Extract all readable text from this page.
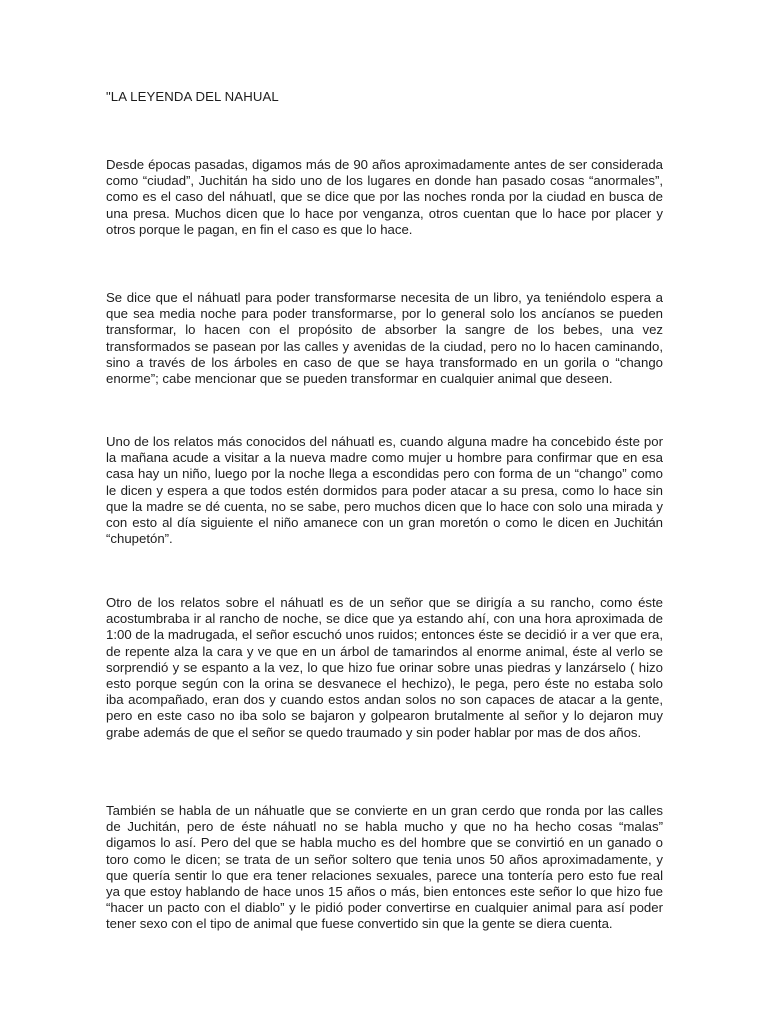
"LA LEYENDA DEL NAHUAL

Desde épocas pasadas, digamos más de 90 años aproximadamente antes de ser considerada como “ciudad”, Juchitán ha sido uno de los lugares en donde han pasado cosas “anormales”, como es el caso del náhuatl, que se dice que por las noches ronda por la ciudad en busca de una presa. Muchos dicen que lo hace por venganza, otros cuentan que lo hace por placer y otros porque le pagan, en fin el caso es que lo hace.

Se dice que el náhuatl para poder transformarse necesita de un libro, ya teniéndolo espera a que sea media noche para poder transformarse, por lo general solo los ancíanos se pueden transformar, lo hacen con el propósito de absorber la sangre de los bebes, una vez transformados se pasean por las calles y avenidas de la ciudad, pero no lo hacen caminando, sino a través de los árboles en caso de que se haya transformado en un gorila o “chango enorme”; cabe mencionar que se pueden transformar en cualquier animal que deseen.

Uno de los relatos más conocidos del náhuatl es, cuando alguna madre ha concebido éste por la mañana acude a visitar a la nueva madre como mujer u hombre para confirmar que en esa casa hay un niño, luego por la noche llega a escondidas pero con forma de un “chango” como le dicen y espera a que todos estén dormidos para poder atacar a su presa, como lo hace sin que la madre se dé cuenta, no se sabe, pero muchos dicen que lo hace con solo una mirada y con esto al día siguiente el niño amanece con un gran moretón o como le dicen en Juchitán “chupetón”.

Otro de los relatos sobre el náhuatl es de un señor que se dirigía a su rancho, como éste acostumbraba ir al rancho de noche, se dice que ya estando ahí, con una hora aproximada de 1:00 de la madrugada, el señor escuchó unos ruidos; entonces éste se decidió ir a ver que era, de repente alza la cara y ve que en un árbol de tamarindos al enorme animal, éste al verlo se sorprendió y se espanto a la vez, lo que hizo fue orinar sobre unas piedras y lanzárselo ( hizo esto porque según con la orina se desvanece el hechizo), le pega, pero éste no estaba solo iba acompañado, eran dos y cuando estos andan solos no son capaces de atacar a la gente, pero en este caso no iba solo se bajaron y golpearon brutalmente al señor y lo dejaron muy grabe además de que el señor se quedo traumado y sin poder hablar por mas de dos años.

También se habla de un náhuatle que se convierte en un gran cerdo que ronda por las calles de Juchitán, pero de éste náhuatl no se habla mucho y que no ha hecho cosas “malas” digamos lo así. Pero del que se habla mucho es del hombre que se convirtió en un ganado o toro como le dicen; se trata de un señor soltero que tenia unos 50 años aproximadamente, y que quería sentir lo que era tener relaciones sexuales, parece una tontería pero esto fue real ya que estoy hablando de hace unos 15 años o más, bien entonces este señor lo que hizo fue “hacer un pacto con el diablo” y le pidió poder convertirse en cualquier animal para así poder tener sexo con el tipo de animal que fuese convertido sin que la gente se diera cuenta.
